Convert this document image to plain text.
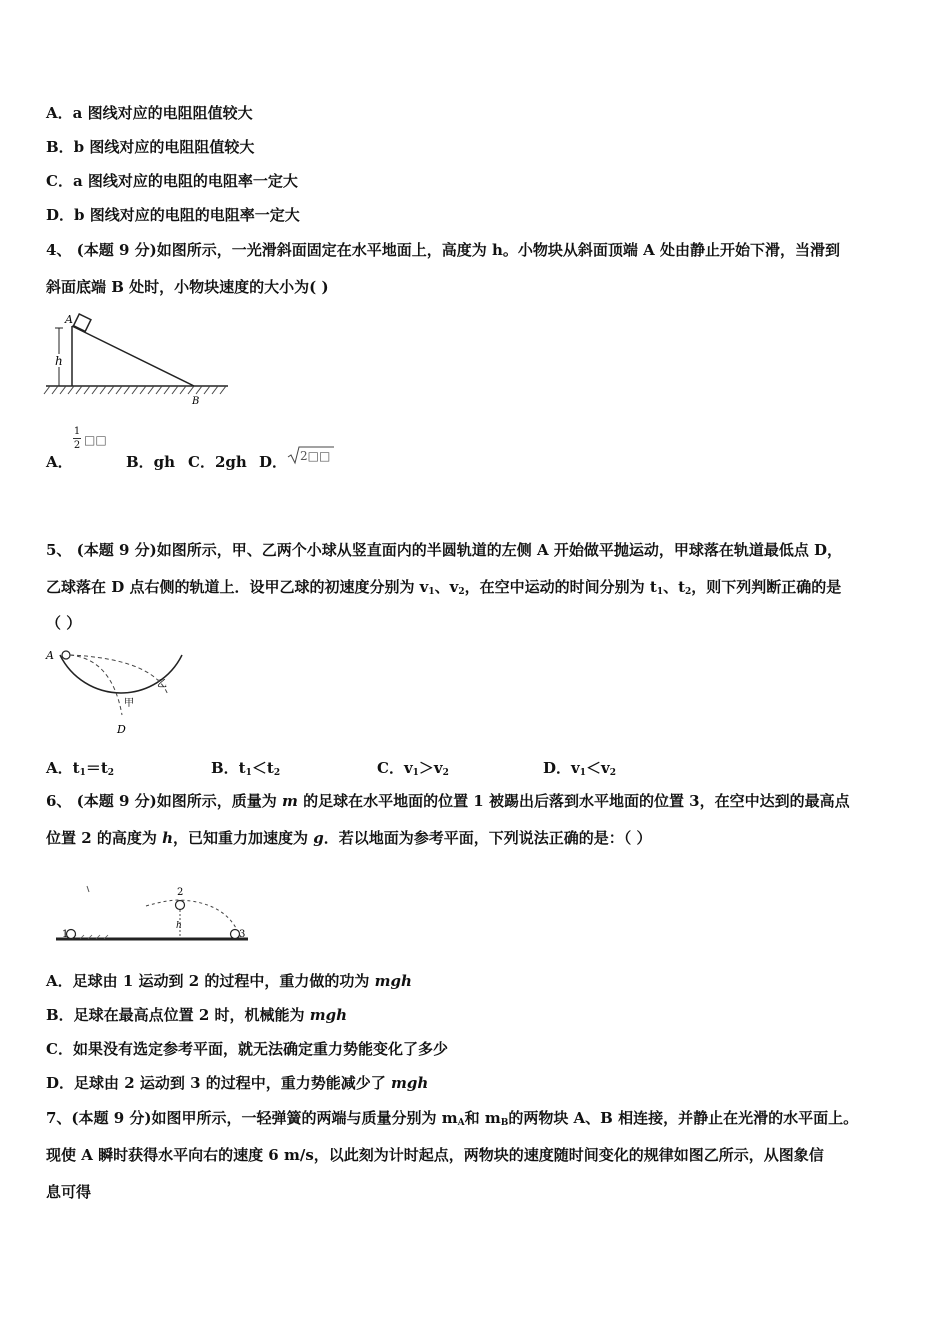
A．a 图线对应的电阻阻值较大
B．b 图线对应的电阻阻值较大
C．a 图线对应的电阻的电阻率一定大
D．b 图线对应的电阻的电阻率一定大
4、 (本题 9 分)如图所示，一光滑斜面固定在水平地面上，高度为 h。小物块从斜面顶端 A 处由静止开始下滑，当滑到
斜面底端 B 处时，小物块速度的大小为( )
A
h
B
A．
1
2 □□
B．gh C．2gh D． 2□□
5、 (本题 9 分)如图所示，甲、乙两个小球从竖直面内的半圆轨道的左侧 A 开始做平抛运动，甲球落在轨道最低点 D，
乙球落在 D 点右侧的轨道上．设甲乙球的初速度分别为 $v_1$、$v_2$，在空中运动的时间分别为 $t_1$、$t_2$，则下列判断正确的是
（ ）
A
D
甲
乙
A．$t_1=t_2$	B．$t_1<t_2$	C．$v_1>v_2$	D．$v_1<v_2$
6、 (本题 9 分)如图所示，质量为 m 的足球在水平地面的位置 1 被踢出后落到水平地面的位置 3，在空中达到的最高点
位置 2 的高度为 h，已知重力加速度为 g．若以地面为参考平面，下列说法正确的是：（ ）
1
2
3
h
A．足球由 1 运动到 2 的过程中，重力做的功为 mgh
B．足球在最高点位置 2 时，机械能为 mgh
C．如果没有选定参考平面，就无法确定重力势能变化了多少
D．足球由 2 运动到 3 的过程中，重力势能减少了 mgh
7、(本题 9 分)如图甲所示，一轻弹簧的两端与质量分别为 $m_A$和 $m_B$的两物块 A、B 相连接，并静止在光滑的水平面上。
现使 A 瞬时获得水平向右的速度 6 m/s，以此刻为计时起点，两物块的速度随时间变化的规律如图乙所示，从图象信
息可得
